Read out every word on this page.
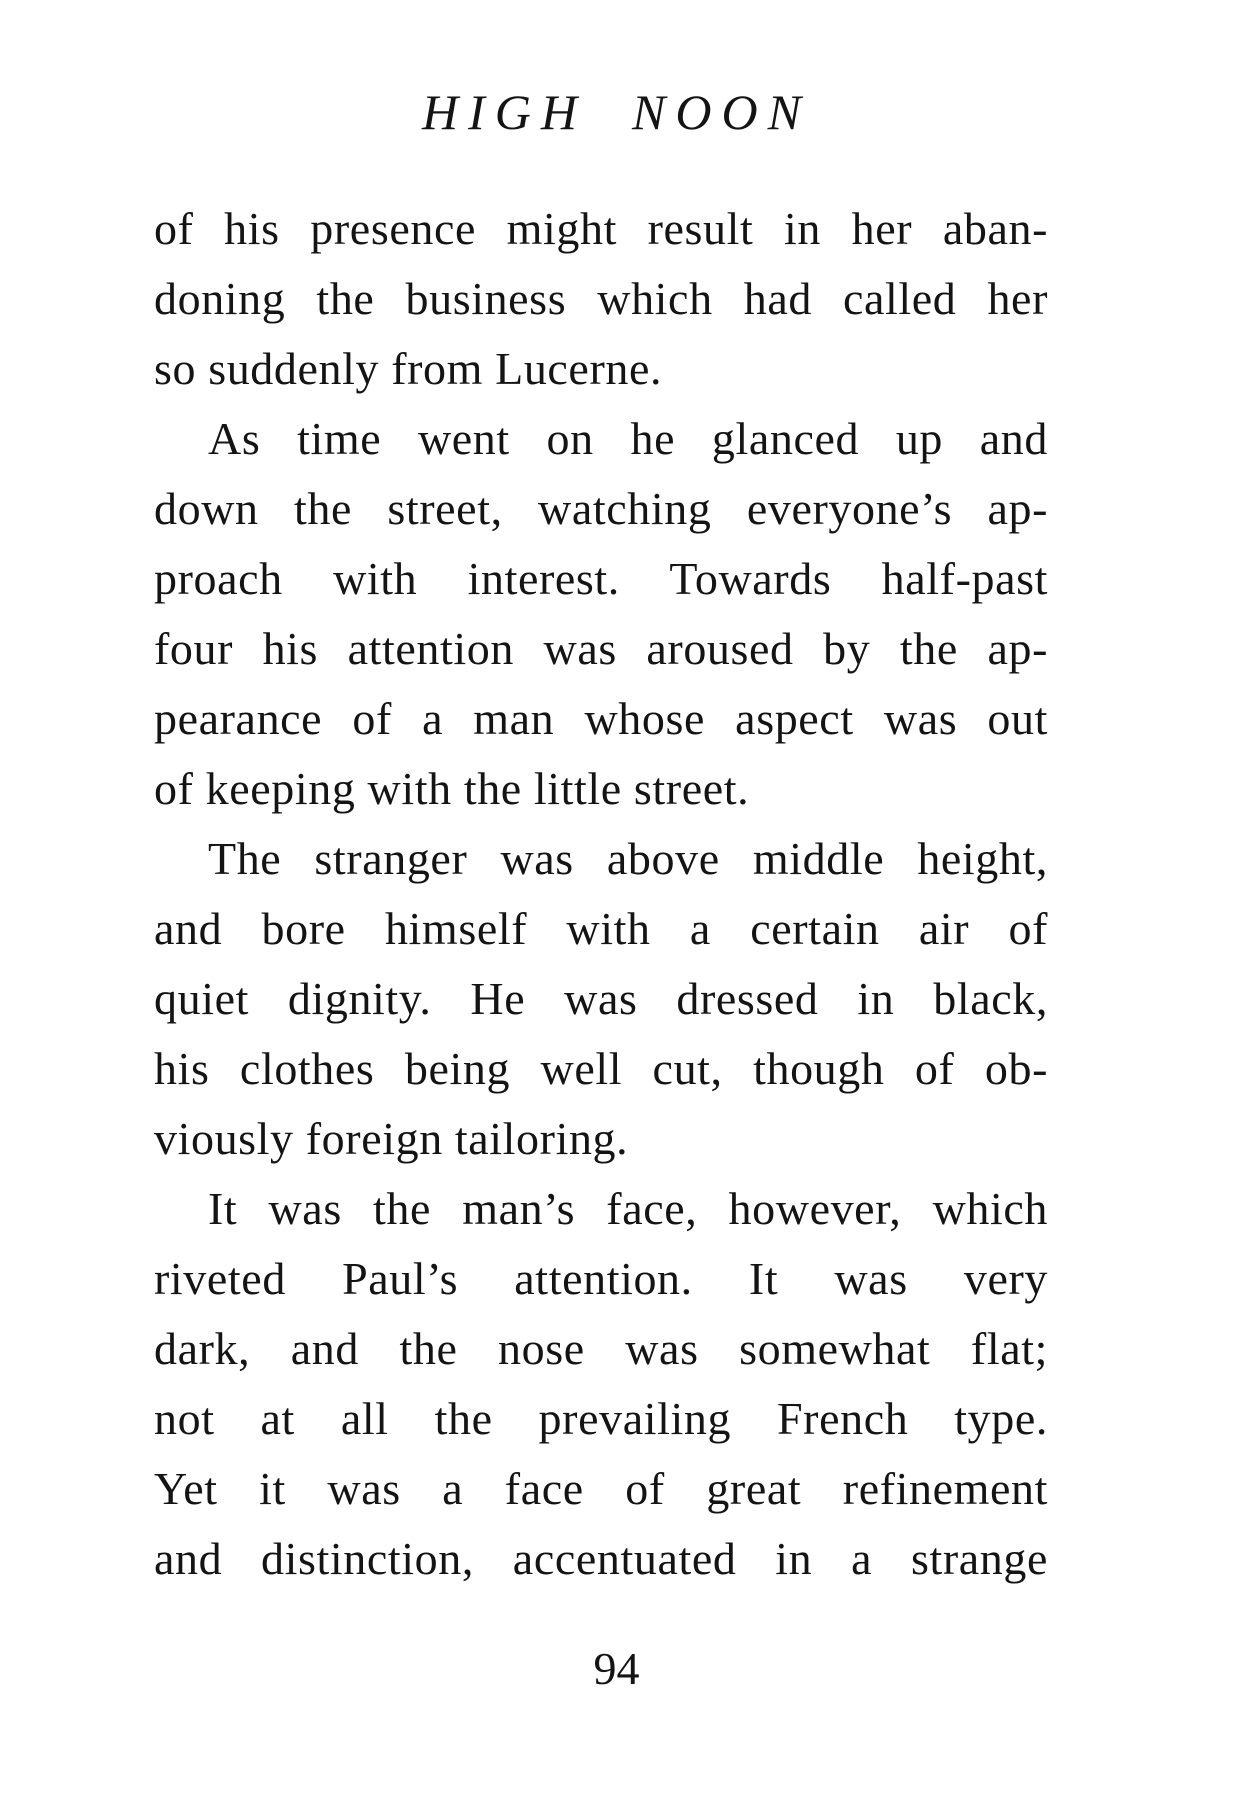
HIGH  NOON
of his presence might result in her aban-
doning the business which had called her
so suddenly from Lucerne.
As time went on he glanced up and
down the street, watching everyone’s ap-
proach with interest. Towards half-past
four his attention was aroused by the ap-
pearance of a man whose aspect was out
of keeping with the little street.
The stranger was above middle height,
and bore himself with a certain air of
quiet dignity. He was dressed in black,
his clothes being well cut, though of ob-
viously foreign tailoring.
It was the man’s face, however, which
riveted Paul’s attention. It was very
dark, and the nose was somewhat flat;
not at all the prevailing French type.
Yet it was a face of great refinement
and distinction, accentuated in a strange
94
